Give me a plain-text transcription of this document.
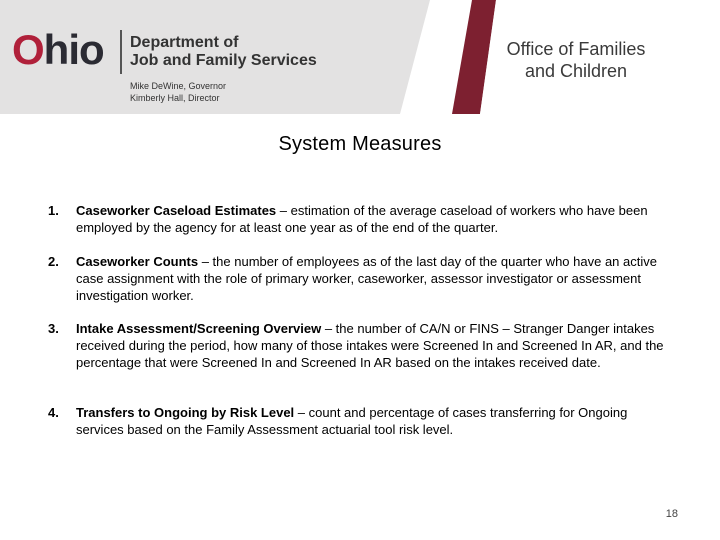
Ohio Department of
Job and Family Services
Mike DeWine, Governor
Kimberly Hall, Director
Office of Families
and Children
System Measures
1. Caseworker Caseload Estimates – estimation of the average caseload of workers who have been employed by the agency for at least one year as of the end of the quarter.
2. Caseworker Counts – the number of employees as of the last day of the quarter who have an active case assignment with the role of primary worker, caseworker, assessor investigator or assessment investigation worker.
3. Intake Assessment/Screening Overview – the number of CA/N or FINS – Stranger Danger intakes received during the period, how many of those intakes were Screened In and Screened In AR, and the percentage that were Screened In and Screened In AR based on the intakes received date.
4. Transfers to Ongoing by Risk Level – count and percentage of cases transferring for Ongoing services based on the Family Assessment actuarial tool risk level.
18
